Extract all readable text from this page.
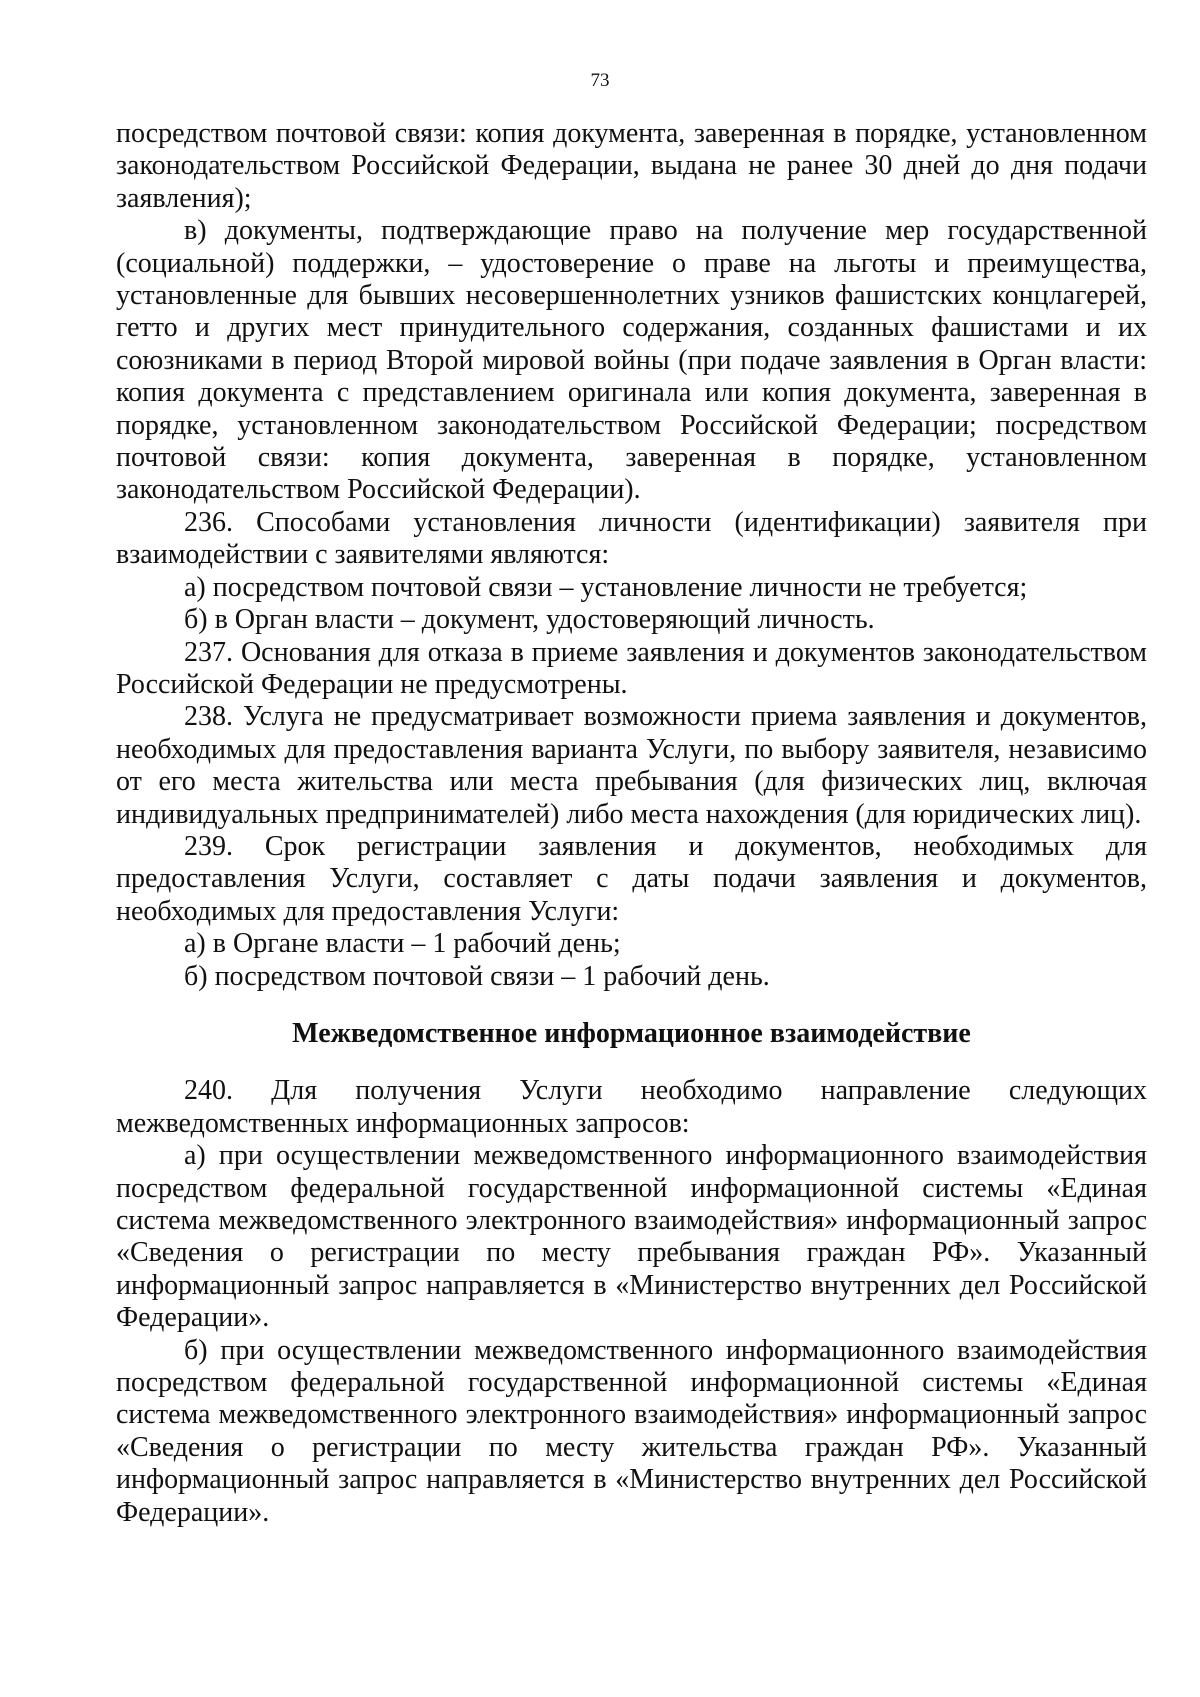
73

посредством почтовой связи: копия документа, заверенная в порядке, установленном законодательством Российской Федерации, выдана не ранее 30 дней до дня подачи заявления);

в) документы, подтверждающие право на получение мер государственной (социальной) поддержки, – удостоверение о праве на льготы и преимущества, установленные для бывших несовершеннолетних узников фашистских концлагерей, гетто и других мест принудительного содержания, созданных фашистами и их союзниками в период Второй мировой войны (при подаче заявления в Орган власти: копия документа с представлением оригинала или копия документа, заверенная в порядке, установленном законодательством Российской Федерации; посредством почтовой связи: копия документа, заверенная в порядке, установленном законодательством Российской Федерации).

236. Способами установления личности (идентификации) заявителя при взаимодействии с заявителями являются:

а) посредством почтовой связи – установление личности не требуется;

б) в Орган власти – документ, удостоверяющий личность.

237. Основания для отказа в приеме заявления и документов законодательством Российской Федерации не предусмотрены.

238. Услуга не предусматривает возможности приема заявления и документов, необходимых для предоставления варианта Услуги, по выбору заявителя, независимо от его места жительства или места пребывания (для физических лиц, включая индивидуальных предпринимателей) либо места нахождения (для юридических лиц).

239. Срок регистрации заявления и документов, необходимых для предоставления Услуги, составляет с даты подачи заявления и документов, необходимых для предоставления Услуги:

а) в Органе власти – 1 рабочий день;

б) посредством почтовой связи – 1 рабочий день.

Межведомственное информационное взаимодействие

240. Для получения Услуги необходимо направление следующих межведомственных информационных запросов:

а) при осуществлении межведомственного информационного взаимодействия посредством федеральной государственной информационной системы «Единая система межведомственного электронного взаимодействия» информационный запрос «Сведения о регистрации по месту пребывания граждан РФ». Указанный информационный запрос направляется в «Министерство внутренних дел Российской Федерации».

б) при осуществлении межведомственного информационного взаимодействия посредством федеральной государственной информационной системы «Единая система межведомственного электронного взаимодействия» информационный запрос «Сведения о регистрации по месту жительства граждан РФ». Указанный информационный запрос направляется в «Министерство внутренних дел Российской Федерации».
